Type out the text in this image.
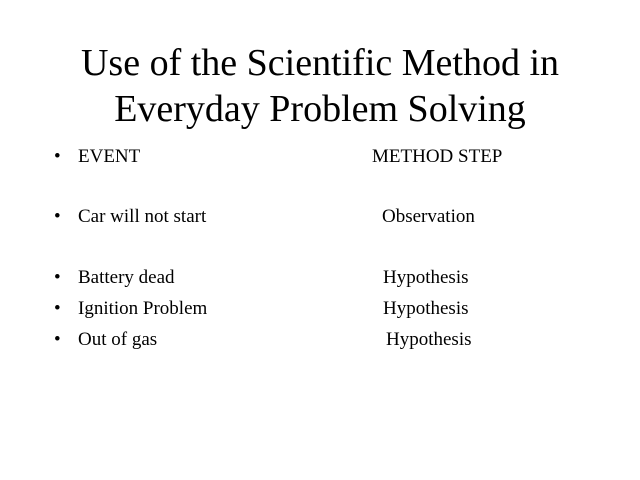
Use of the Scientific Method in
Everyday Problem Solving
• EVENT	METHOD STEP
• Car will not start	Observation
• Battery dead	Hypothesis
• Ignition Problem	Hypothesis
• Out of gas	Hypothesis
